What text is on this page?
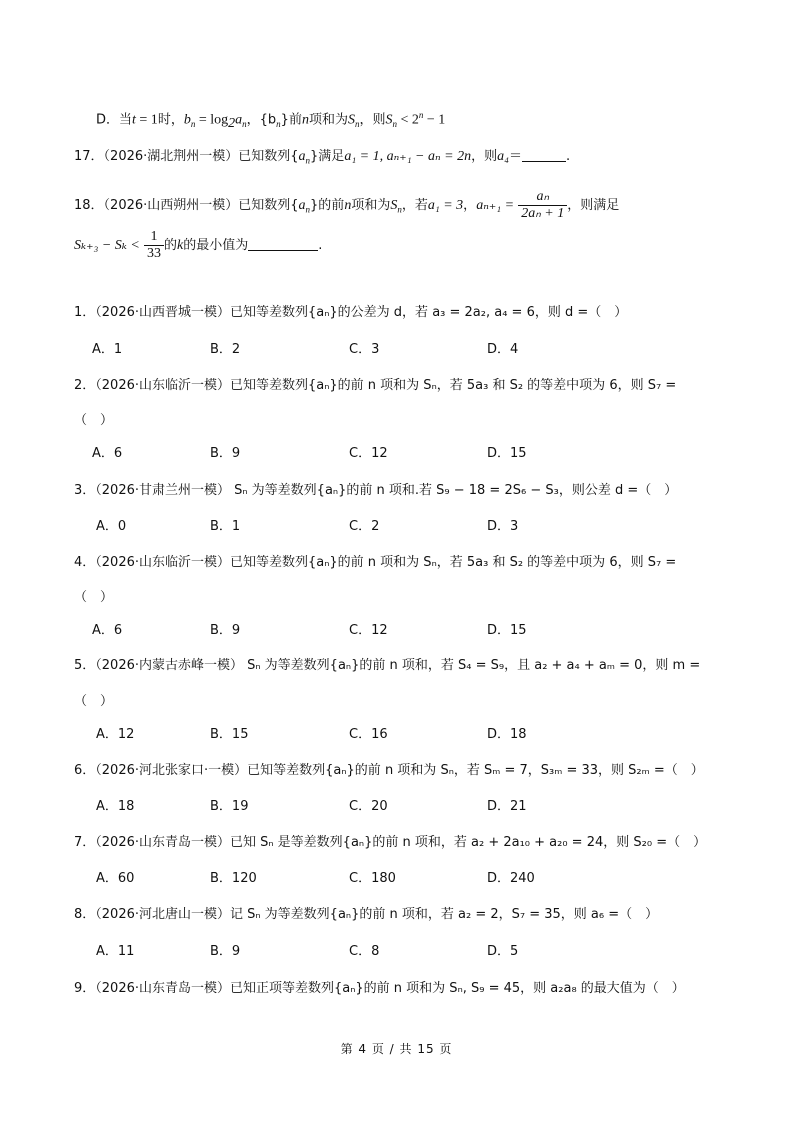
D．当t = 1时，$b_n = \log_2a_n$，$\{b_n\}$前n项和为$S_n$，则$S_n < 2^n - 1$
17．（2026·湖北荆州一模）已知数列$\{a_n\}$满足a₁ = 1, aₙ₊₁ − aₙ = 2n，则a₄＝	.
18．（2026·山西朔州一模）已知数列$\{a_n\}$的前n项和为$S_n$，若a₁ = 3，$a_{n+1} = \frac{\text{aₙ}}{\text{2aₙ + 1}}$ ，则满足
$S_{k+3} - S_k < \frac{1}{33}$ 的k的最小值为	.
1．（2026·山西晋城一模）已知等差数列{aₙ}的公差为 d，若 a₃ = 2a₂, a₄ = 6，则 d =（　）
A．1	B．2	C．3	D．4
2．（2026·山东临沂一模）已知等差数列{aₙ}的前 n 项和为 Sₙ，若 5a₃ 和 S₂ 的等差中项为 6，则 S₇ =
（　）
A．6	B．9	C．12	D．15
3．（2026·甘肃兰州一模） Sₙ 为等差数列{aₙ}的前 n 项和.若 S₉ − 18 = 2S₆ − S₃，则公差 d =（　）
A．0	B．1	C．2	D．3
4．（2026·山东临沂一模）已知等差数列{aₙ}的前 n 项和为 Sₙ，若 5a₃ 和 S₂ 的等差中项为 6，则 S₇ =
（　）
A．6	B．9	C．12	D．15
5．（2026·内蒙古赤峰一模） Sₙ 为等差数列{aₙ}的前 n 项和，若 S₄ = S₉，且 a₂ + a₄ + aₘ = 0，则 m =
（　）
A．12	B．15	C．16	D．18
6．（2026·河北张家口·一模）已知等差数列{aₙ}的前 n 项和为 Sₙ，若 Sₘ = 7，S₃ₘ = 33，则 S₂ₘ =（　）
A．18	B．19	C．20	D．21
7．（2026·山东青岛一模）已知 Sₙ 是等差数列{aₙ}的前 n 项和，若 a₂ + 2a₁₀ + a₂₀ = 24，则 S₂₀ =（　）
A．60	B．120	C．180	D．240
8．（2026·河北唐山一模）记 Sₙ 为等差数列{aₙ}的前 n 项和，若 a₂ = 2，S₇ = 35，则 a₆ =（　）
A．11	B．9	C．8	D．5
9．（2026·山东青岛一模）已知正项等差数列{aₙ}的前 n 项和为 Sₙ, S₉ = 45，则 a₂a₈ 的最大值为（　）
第 4 页 / 共 15 页
